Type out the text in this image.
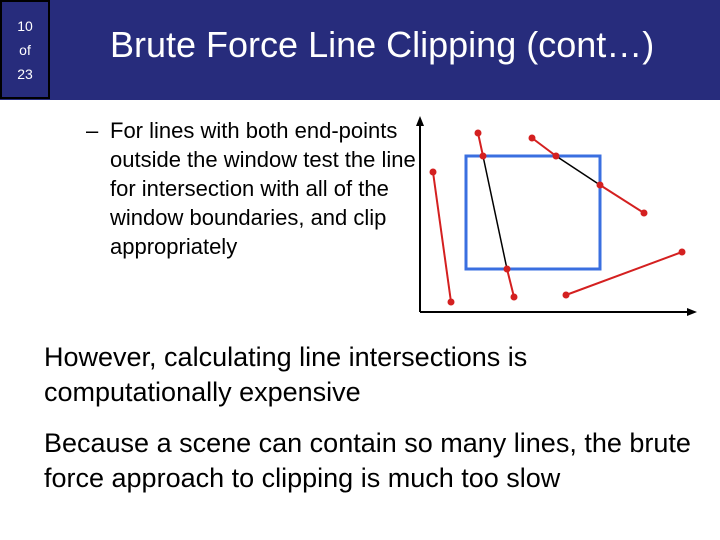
10
of
23
Brute Force Line Clipping (cont…)
– For lines with both end-points outside the window test the line for intersection with all of the window boundaries, and clip appropriately
However, calculating line intersections is computationally expensive
Because a scene can contain so many lines, the brute force approach to clipping is much too slow
